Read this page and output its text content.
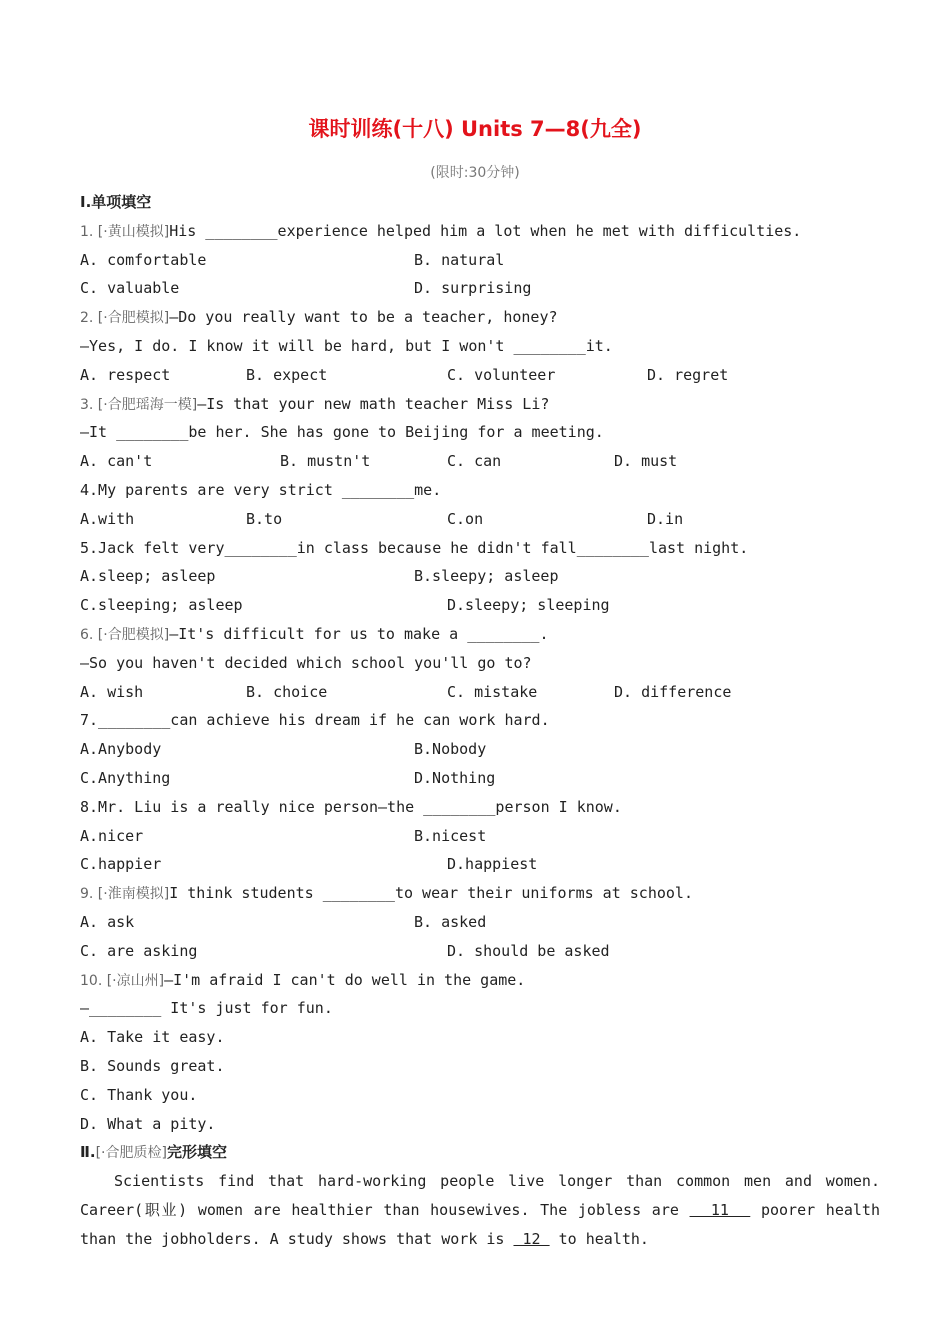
课时训练(十八) Units 7—8(九全)
(限时:30分钟)
Ⅰ.单项填空
1. [·黄山模拟]His ________experience helped him a lot when he met with difficulties.
A. comfortable	B. natural
C. valuable	D. surprising
2. [·合肥模拟]—Do you really want to be a teacher, honey?
—Yes, I do. I know it will be hard, but I won't ________it.
A. respect	B. expect	C. volunteer	D. regret
3. [·合肥瑶海一模]—Is that your new math teacher Miss Li?
—It ________be her. She has gone to Beijing for a meeting.
A. can't	B. mustn't	C. can	D. must
4.My parents are very strict ________me.
A.with	B.to	C.on	D.in
5.Jack felt very________in class because he didn't fall________last night.
A.sleep; asleep	B.sleepy; asleep
C.sleeping; asleep	D.sleepy; sleeping
6. [·合肥模拟]—It's difficult for us to make a ________.
—So you haven't decided which school you'll go to?
A. wish	B. choice	C. mistake	D. difference
7.________can achieve his dream if he can work hard.
A.Anybody	B.Nobody
C.Anything	D.Nothing
8.Mr. Liu is a really nice person—the ________person I know.
A.nicer	B.nicest
C.happier	D.happiest
9. [·淮南模拟]I think students ________to wear their uniforms at school.
A. ask	B. asked
C. are asking	D. should be asked
10. [·凉山州]—I'm afraid I can't do well in the game.
—________ It's just for fun.
A. Take it easy.
B. Sounds great.
C. Thank you.
D. What a pity.
Ⅱ.[·合肥质检]完形填空
Scientists find that hard-working people live longer than common men and women. Career(职业) women are healthier than housewives. The jobless are   11   poorer health than the jobholders. A study shows that work is  12  to health.
